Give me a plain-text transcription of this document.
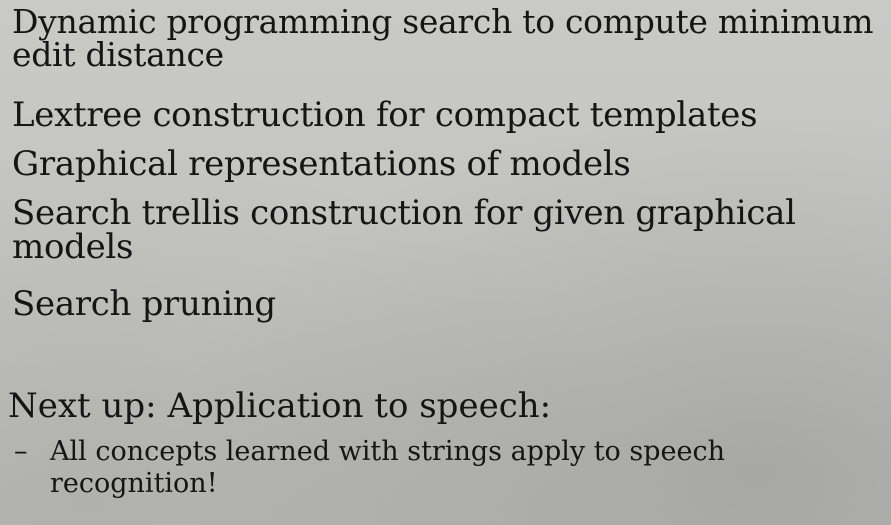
Dynamic programming search to compute minimum
edit distance
Lextree construction for compact templates
Graphical representations of models
Search trellis construction for given graphical
models
Search pruning
Next up: Application to speech:
– All concepts learned with strings apply to speech
recognition!
